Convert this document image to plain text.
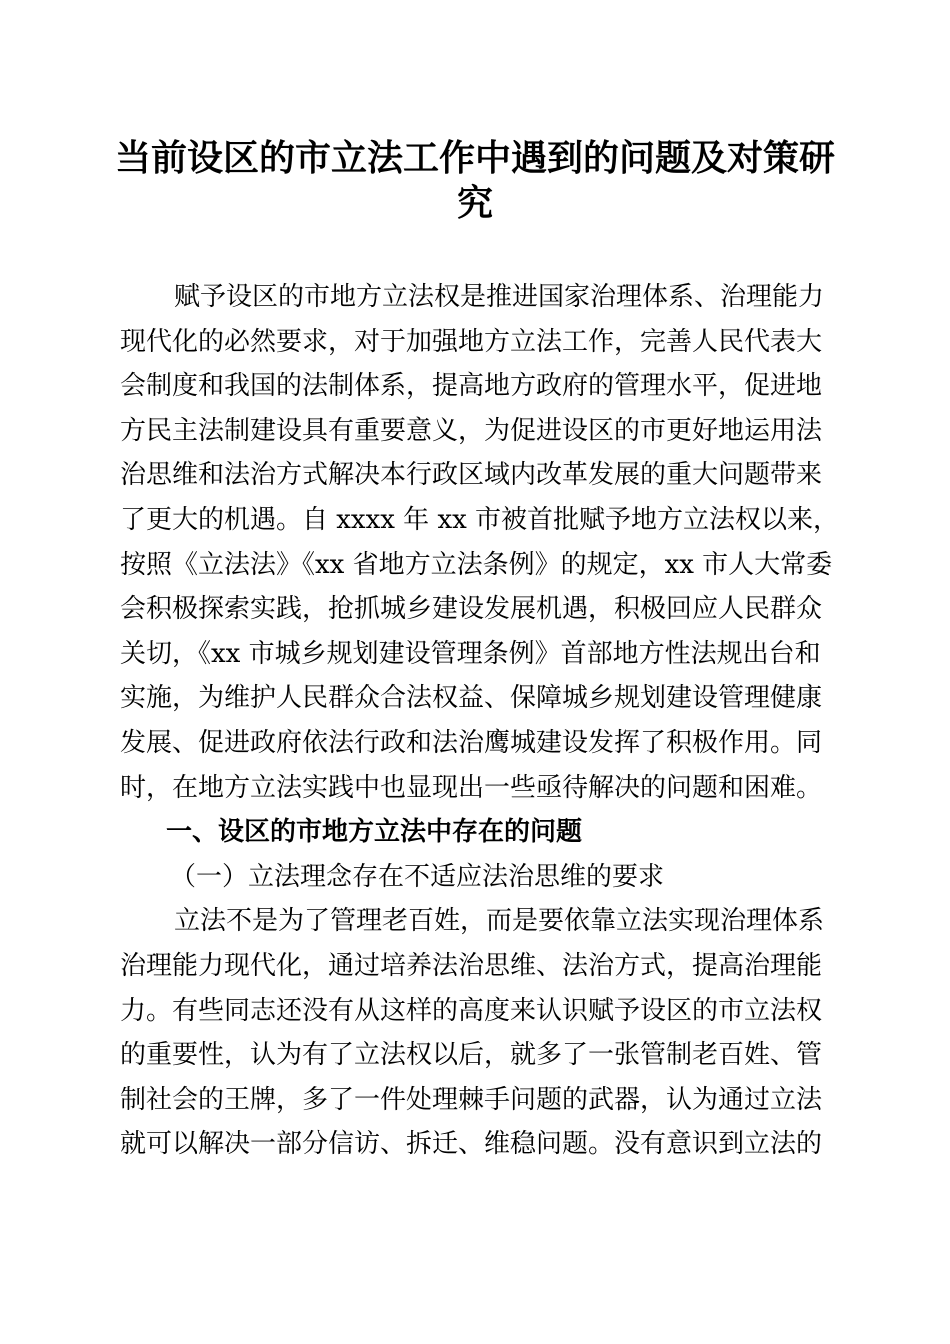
当前设区的市立法工作中遇到的问题及对策研
究
赋予设区的市地方立法权是推进国家治理体系、治理能力
现代化的必然要求，对于加强地方立法工作，完善人民代表大
会制度和我国的法制体系，提高地方政府的管理水平，促进地
方民主法制建设具有重要意义，为促进设区的市更好地运用法
治思维和法治方式解决本行政区域内改革发展的重大问题带来
了更大的机遇。自 xxxx 年 xx 市被首批赋予地方立法权以来，
按照《立法法》《xx 省地方立法条例》的规定，xx 市人大常委
会积极探索实践，抢抓城乡建设发展机遇，积极回应人民群众
关切，《xx 市城乡规划建设管理条例》首部地方性法规出台和
实施，为维护人民群众合法权益、保障城乡规划建设管理健康
发展、促进政府依法行政和法治鹰城建设发挥了积极作用。同
时，在地方立法实践中也显现出一些亟待解决的问题和困难。
一、设区的市地方立法中存在的问题
（一）立法理念存在不适应法治思维的要求
立法不是为了管理老百姓，而是要依靠立法实现治理体系
治理能力现代化，通过培养法治思维、法治方式，提高治理能
力。有些同志还没有从这样的高度来认识赋予设区的市立法权
的重要性，认为有了立法权以后，就多了一张管制老百姓、管
制社会的王牌，多了一件处理棘手问题的武器，认为通过立法
就可以解决一部分信访、拆迁、维稳问题。没有意识到立法的
